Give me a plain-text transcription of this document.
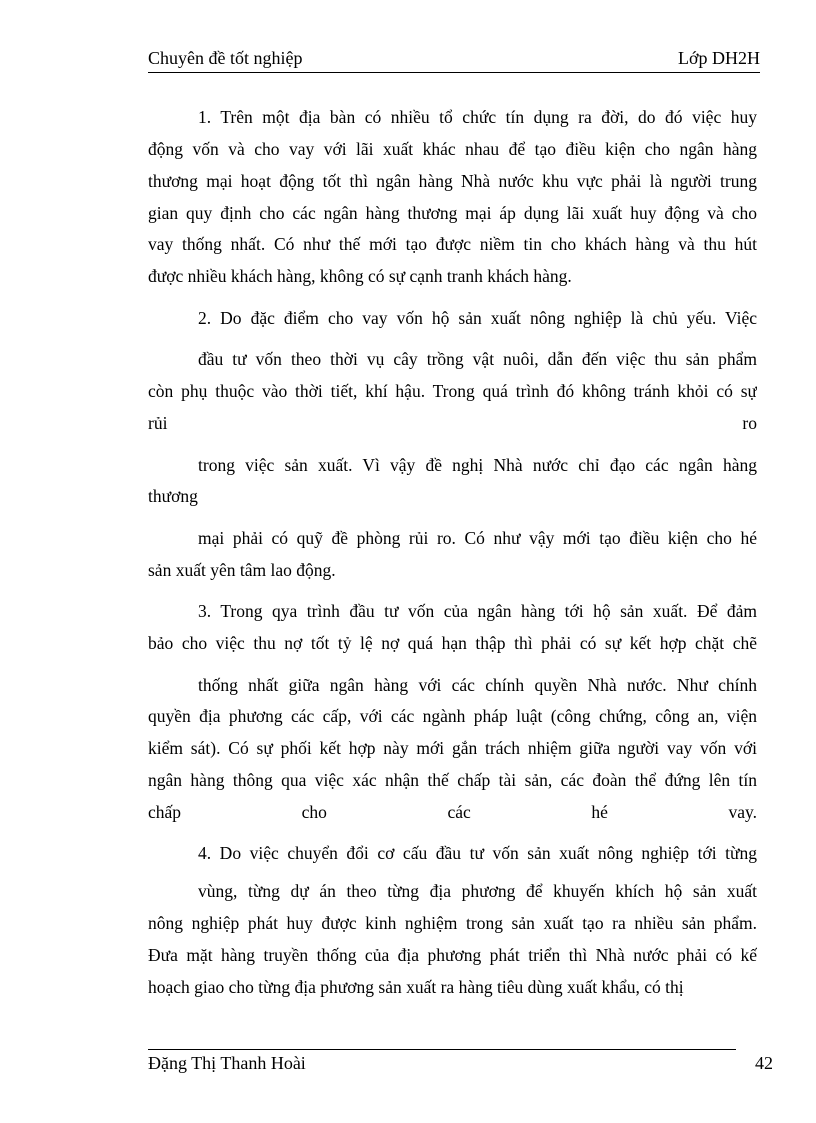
Chuyên đề tốt nghiệp	Lớp DH2H
1. Trên một địa bàn có nhiều tổ chức tín dụng ra đời, do đó việc huy
động vốn và cho vay với lãi xuất khác nhau để tạo điều kiện cho ngân hàng
thương mại hoạt động tốt thì ngân hàng Nhà nước khu vực phải là người trung
gian quy định cho các ngân hàng thương mại áp dụng lãi xuất huy động và cho
vay thống nhất. Có như thế mới tạo được niềm tin cho khách hàng và thu hút
được nhiều khách hàng, không có sự cạnh tranh khách hàng.
2. Do đặc điểm cho vay vốn hộ sản xuất nông nghiệp là chủ yếu. Việc
đầu tư vốn theo thời vụ cây trồng vật nuôi, dẫn đến việc thu sản phẩm
còn phụ thuộc vào thời tiết, khí hậu. Trong quá trình đó không tránh khỏi có sự
rủi ro
trong việc sản xuất. Vì vậy đề nghị Nhà nước chỉ đạo các ngân hàng
thương
mại phải có quỹ đề phòng rủi ro. Có như vậy mới tạo điều kiện cho hé
sản xuất yên tâm lao động.
3. Trong qya trình đầu tư vốn của ngân hàng tới hộ sản xuất. Để đảm
bảo cho việc thu nợ tốt tỷ lệ nợ quá hạn thập thì phải có sự kết hợp chặt chẽ
thống nhất giữa ngân hàng với các chính quyền Nhà nước. Như chính
quyền địa phương các cấp, với các ngành pháp luật (công chứng, công an, viện
kiểm sát). Có sự phối kết hợp này mới gắn trách nhiệm giữa người vay vốn với
ngân hàng thông qua việc xác nhận thế chấp tài sản, các đoàn thể đứng lên tín
chấp cho các hé vay.
4. Do việc chuyển đổi cơ cấu đầu tư vốn sản xuất nông nghiệp tới từng
vùng, từng dự án theo từng địa phương để khuyến khích hộ sản xuất
nông nghiệp phát huy được kinh nghiệm trong sản xuất tạo ra nhiều sản phẩm.
Đưa mặt hàng truyền thống của địa phương phát triển thì Nhà nước phải có kế
hoạch giao cho từng địa phương sản xuất ra hàng tiêu dùng xuất khẩu, có thị
Đặng Thị Thanh Hoài	42
